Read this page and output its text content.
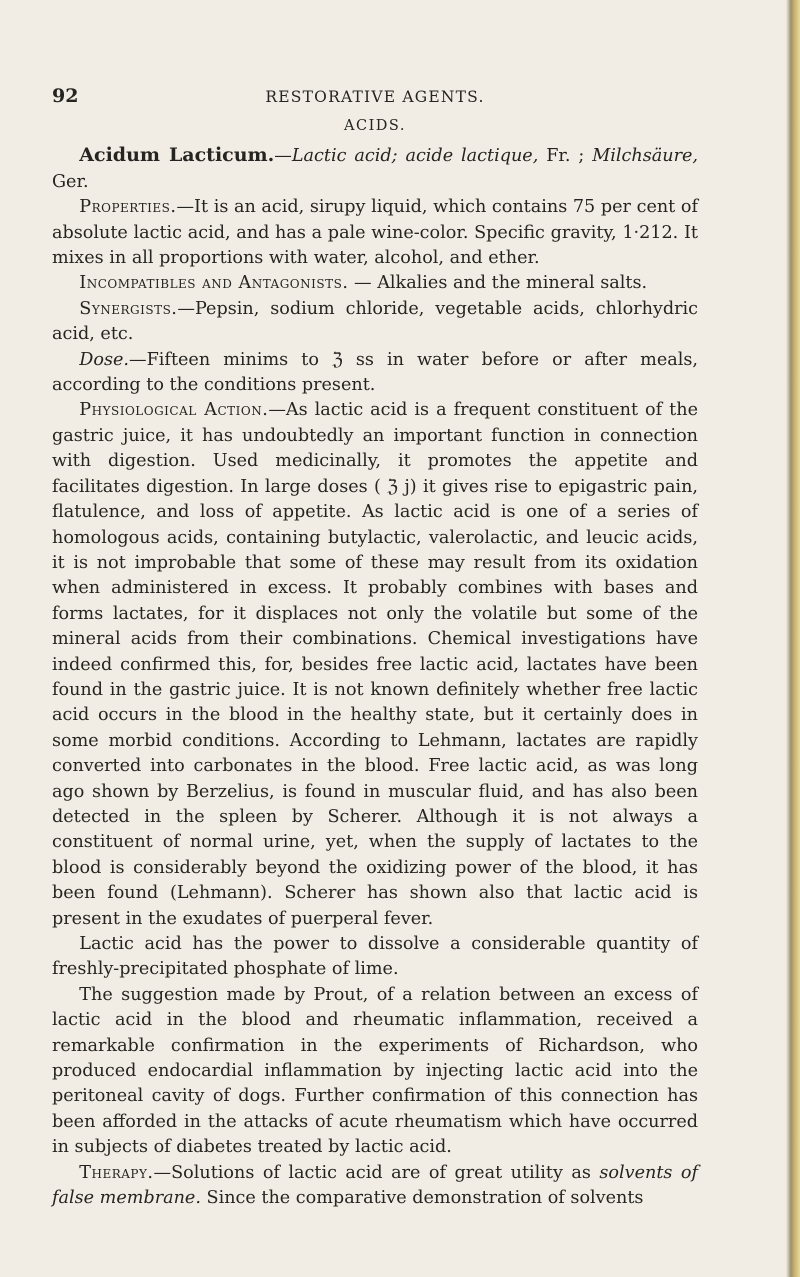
92	RESTORATIVE AGENTS.
ACIDS.

Acidum Lacticum.—Lactic acid; acide lactique, Fr. ; Milchsäure, Ger.

Properties.—It is an acid, sirupy liquid, which contains 75 per cent of absolute lactic acid, and has a pale wine-color. Specific gravity, 1·212. It mixes in all proportions with water, alcohol, and ether.

Incompatibles and Antagonists. — Alkalies and the mineral salts.

Synergists.—Pepsin, sodium chloride, vegetable acids, chlorhydric acid, etc.

Dose.—Fifteen minims to ℨ ss in water before or after meals, according to the conditions present.

Physiological Action.—As lactic acid is a frequent constituent of the gastric juice, it has undoubtedly an important function in connection with digestion. Used medicinally, it promotes the appetite and facilitates digestion. In large doses ( ℨ j) it gives rise to epigastric pain, flatulence, and loss of appetite. As lactic acid is one of a series of homologous acids, containing butylactic, valerolactic, and leucic acids, it is not improbable that some of these may result from its oxidation when administered in excess. It probably combines with bases and forms lactates, for it displaces not only the volatile but some of the mineral acids from their combinations. Chemical investigations have indeed confirmed this, for, besides free lactic acid, lactates have been found in the gastric juice. It is not known definitely whether free lactic acid occurs in the blood in the healthy state, but it certainly does in some morbid conditions. According to Lehmann, lactates are rapidly converted into carbonates in the blood. Free lactic acid, as was long ago shown by Berzelius, is found in muscular fluid, and has also been detected in the spleen by Scherer. Although it is not always a constituent of normal urine, yet, when the supply of lactates to the blood is considerably beyond the oxidizing power of the blood, it has been found (Lehmann). Scherer has shown also that lactic acid is present in the exudates of puerperal fever.

Lactic acid has the power to dissolve a considerable quantity of freshly-precipitated phosphate of lime.

The suggestion made by Prout, of a relation between an excess of lactic acid in the blood and rheumatic inflammation, received a remarkable confirmation in the experiments of Richardson, who produced endocardial inflammation by injecting lactic acid into the peritoneal cavity of dogs. Further confirmation of this connection has been afforded in the attacks of acute rheumatism which have occurred in subjects of diabetes treated by lactic acid.

Therapy.—Solutions of lactic acid are of great utility as solvents of false membrane. Since the comparative demonstration of solvents
